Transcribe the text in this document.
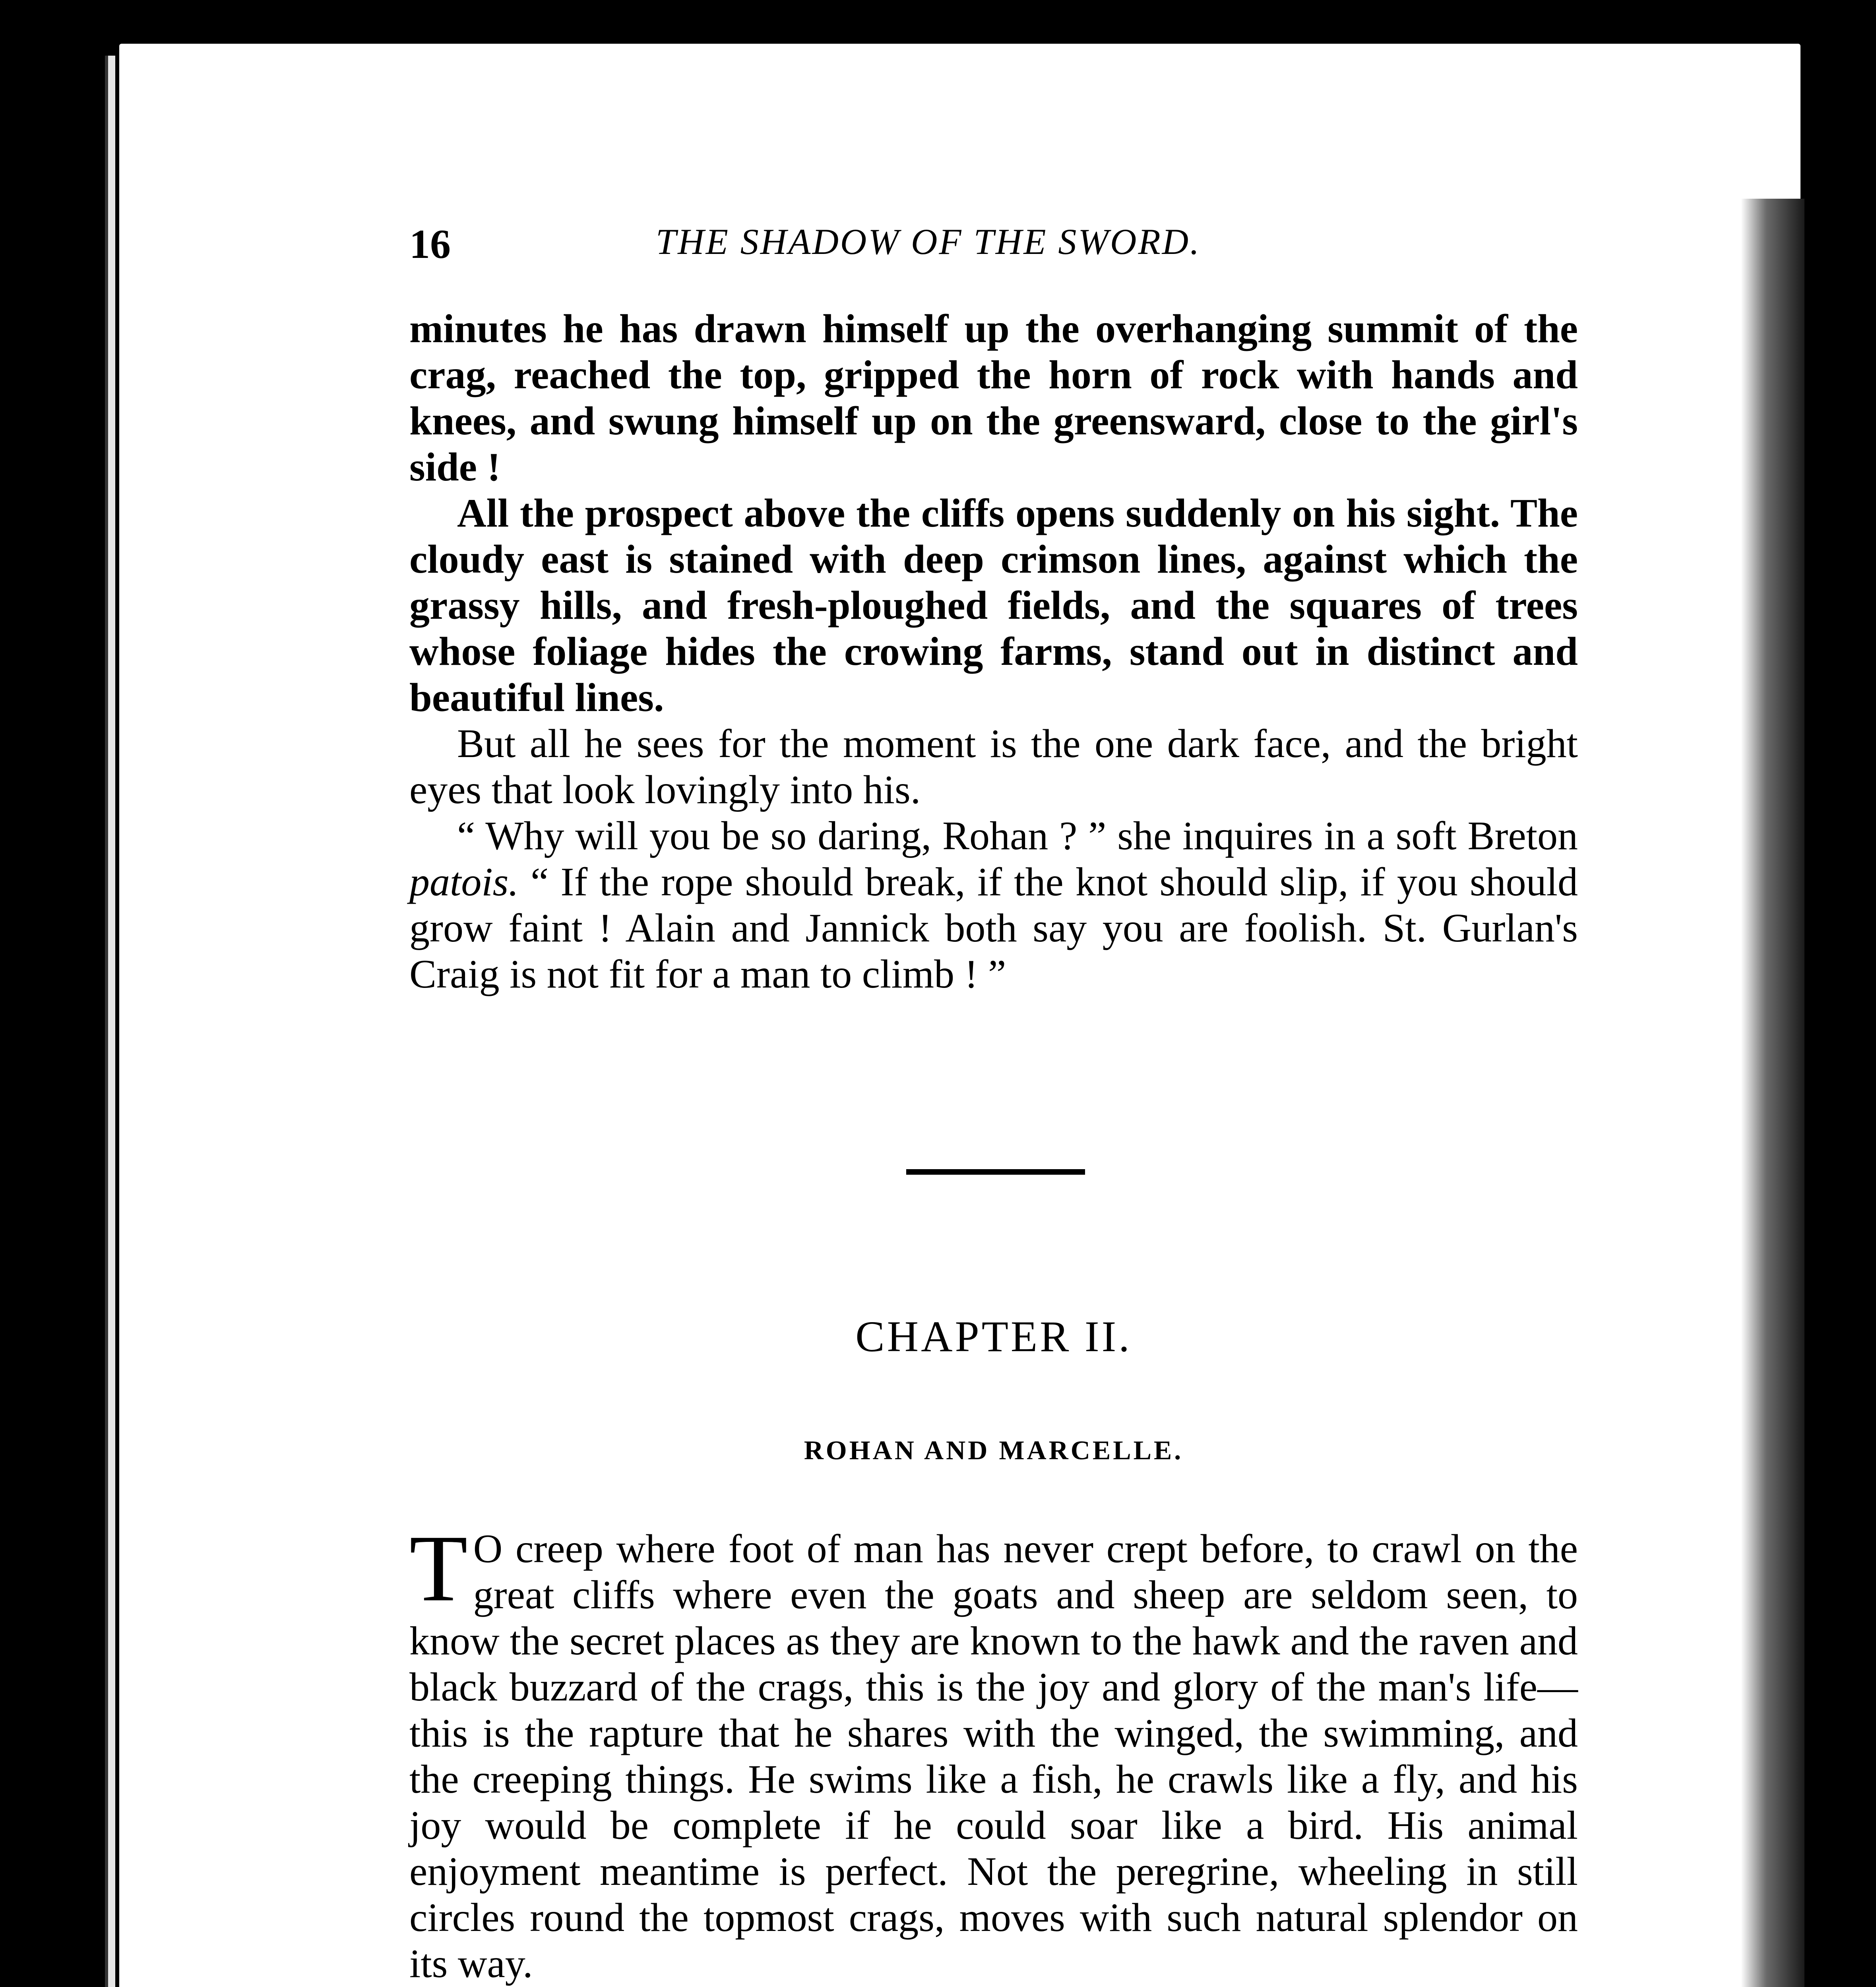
16	THE SHADOW OF THE SWORD.

minutes he has drawn himself up the overhanging summit of the crag, reached the top, gripped the horn of rock with hands and knees, and swung himself up on the greensward, close to the girl's side !

All the prospect above the cliffs opens suddenly on his sight. The cloudy east is stained with deep crimson lines, against which the grassy hills, and fresh-ploughed fields, and the squares of trees whose foliage hides the crowing farms, stand out in distinct and beautiful lines.

But all he sees for the moment is the one dark face, and the bright eyes that look lovingly into his.

“ Why will you be so daring, Rohan ? ” she inquires in a soft Breton patois. “ If the rope should break, if the knot should slip, if you should grow faint ! Alain and Jannick both say you are foolish. St. Gurlan's Craig is not fit for a man to climb ! ”

CHAPTER II.
ROHAN AND MARCELLE.

T O creep where foot of man has never crept before, to crawl on the great cliffs where even the goats and sheep are seldom seen, to know the secret places as they are known to the hawk and the raven and black buzzard of the crags, this is the joy and glory of the man's life—this is the rapture that he shares with the winged, the swimming, and the creeping things. He swims like a fish, he crawls like a fly, and his joy would be complete if he could soar like a bird. His animal enjoyment meantime is perfect. Not the peregrine, wheeling in still circles round the topmost crags, moves with such natural splendor on its way.
